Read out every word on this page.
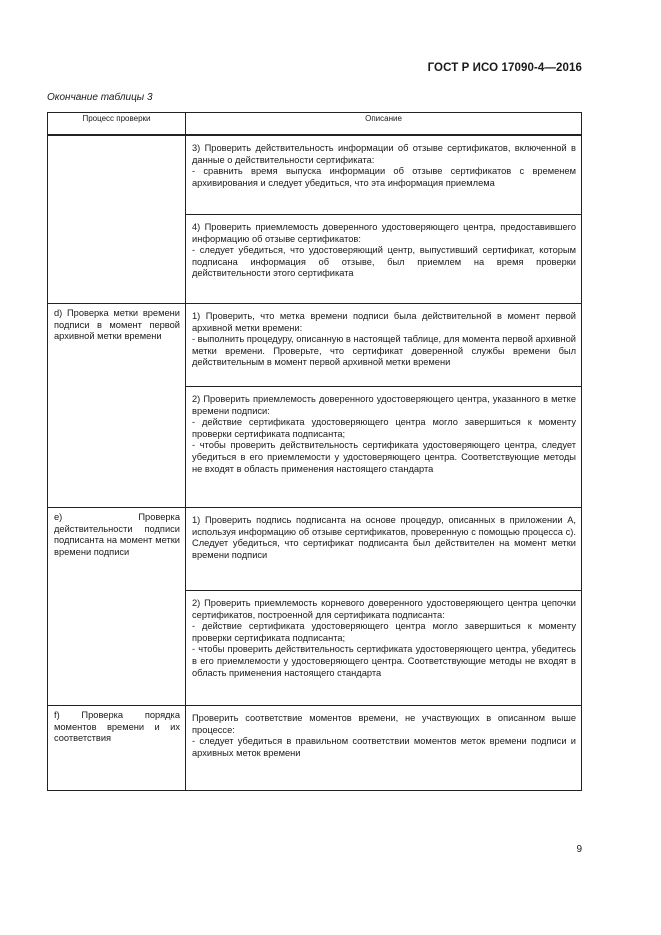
ГОСТ Р ИСО 17090-4—2016
Окончание таблицы 3
Процесс проверки	Описание

	3) Проверить действительность информации об отзыве сертификатов, включенной в данные о действительности сертификата:

- сравнить время выпуска информации об отзыве сертификатов с временем архивирования и следует убедиться, что эта информация приемлема

	4) Проверить приемлемость доверенного удостоверяющего центра, предоставившего информацию об отзыве сертификатов:

- следует убедиться, что удостоверяющий центр, выпустивший сертификат, которым подписана информация об отзыве, был приемлем на время проверки действительности этого сертификата

d) Проверка метки времени подписи в момент первой архивной метки времени	1) Проверить, что метка времени подписи была действительной в момент первой архивной метки времени:

- выполнить процедуру, описанную в настоящей таблице, для момента первой архивной метки времени. Проверьте, что сертификат доверенной службы времени был действительным в момент первой архивной метки времени

	2) Проверить приемлемость доверенного удостоверяющего центра, указанного в метке времени подписи:

- действие сертификата удостоверяющего центра могло завершиться к моменту проверки сертификата подписанта;

- чтобы проверить действительность сертификата удостоверяющего центра, следует убедиться в его приемлемости у удостоверяющего центра. Соответствующие методы не входят в область применения настоящего стандарта

e) Проверка действительности подписи подписанта на момент метки времени подписи	1) Проверить подпись подписанта на основе процедур, описанных в приложении А, используя информацию об отзыве сертификатов, проверенную с помощью процесса с). Следует убедиться, что сертификат подписанта был действителен на момент метки времени подписи

	2) Проверить приемлемость корневого доверенного удостоверяющего центра цепочки сертификатов, построенной для сертификата подписанта:

- действие сертификата удостоверяющего центра могло завершиться к моменту проверки сертификата подписанта;

- чтобы проверить действительность сертификата удостоверяющего центра, убедитесь в его приемлемости у удостоверяющего центра. Соответствующие методы не входят в область применения настоящего стандарта

f) Проверка порядка моментов времени и их соответствия	Проверить соответствие моментов времени, не участвующих в описанном выше процессе:

- следует убедиться в правильном соответствии моментов меток времени подписи и архивных меток времени

9
